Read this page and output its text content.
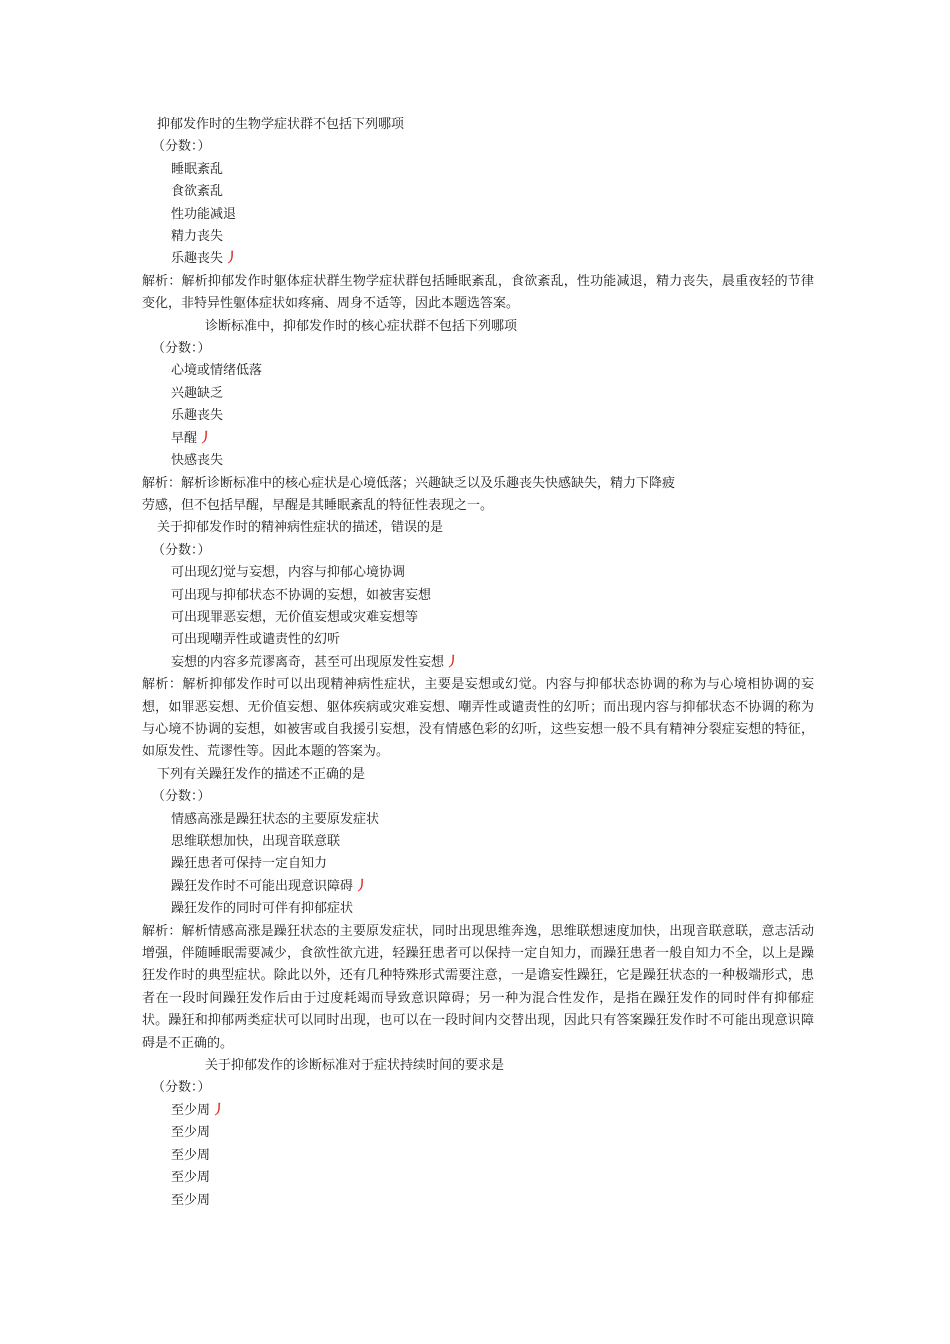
抑郁发作时的生物学症状群不包括下列哪项
（分数：）
睡眠紊乱
食欲紊乱
性功能减退
精力丧失
乐趣丧失 丿
解析：解析抑郁发作时躯体症状群生物学症状群包括睡眠紊乱，食欲紊乱，性功能减退，精力丧失，晨重夜轻的节律变化，非特异性躯体症状如疼痛、周身不适等，因此本题选答案。
诊断标准中，抑郁发作时的核心症状群不包括下列哪项
（分数：）
心境或情绪低落
兴趣缺乏
乐趣丧失
早醒 丿
快感丧失
解析：解析诊断标准中的核心症状是心境低落；兴趣缺乏以及乐趣丧失快感缺失，精力下降疲
劳感，但不包括早醒，早醒是其睡眠紊乱的特征性表现之一。
关于抑郁发作时的精神病性症状的描述，错误的是
（分数：）
可出现幻觉与妄想，内容与抑郁心境协调
可出现与抑郁状态不协调的妄想，如被害妄想
可出现罪恶妄想，无价值妄想或灾难妄想等
可出现嘲弄性或谴责性的幻听
妄想的内容多荒谬离奇，甚至可出现原发性妄想 丿
解析：解析抑郁发作时可以出现精神病性症状，主要是妄想或幻觉。内容与抑郁状态协调的称为与心境相协调的妄想，如罪恶妄想、无价值妄想、躯体疾病或灾难妄想、嘲弄性或谴责性的幻听；而出现内容与抑郁状态不协调的称为与心境不协调的妄想，如被害或自我援引妄想，没有情感色彩的幻听，这些妄想一般不具有精神分裂症妄想的特征，如原发性、荒谬性等。因此本题的答案为。
下列有关躁狂发作的描述不正确的是
（分数：）
情感高涨是躁狂状态的主要原发症状
思维联想加快，出现音联意联
躁狂患者可保持一定自知力
躁狂发作时不可能出现意识障碍 丿
躁狂发作的同时可伴有抑郁症状
解析：解析情感高涨是躁狂状态的主要原发症状，同时出现思维奔逸，思维联想速度加快，出现音联意联，意志活动增强，伴随睡眠需要减少，食欲性欲亢进，轻躁狂患者可以保持一定自知力，而躁狂患者一般自知力不全，以上是躁狂发作时的典型症状。除此以外，还有几种特殊形式需要注意，一是谵妄性躁狂，它是躁狂状态的一种极端形式，患者在一段时间躁狂发作后由于过度耗竭而导致意识障碍；另一种为混合性发作，是指在躁狂发作的同时伴有抑郁症状。躁狂和抑郁两类症状可以同时出现，也可以在一段时间内交替出现，因此只有答案躁狂发作时不可能出现意识障碍是不正确的。
关于抑郁发作的诊断标准对于症状持续时间的要求是
（分数：）
至少周 丿
至少周
至少周
至少周
至少周
